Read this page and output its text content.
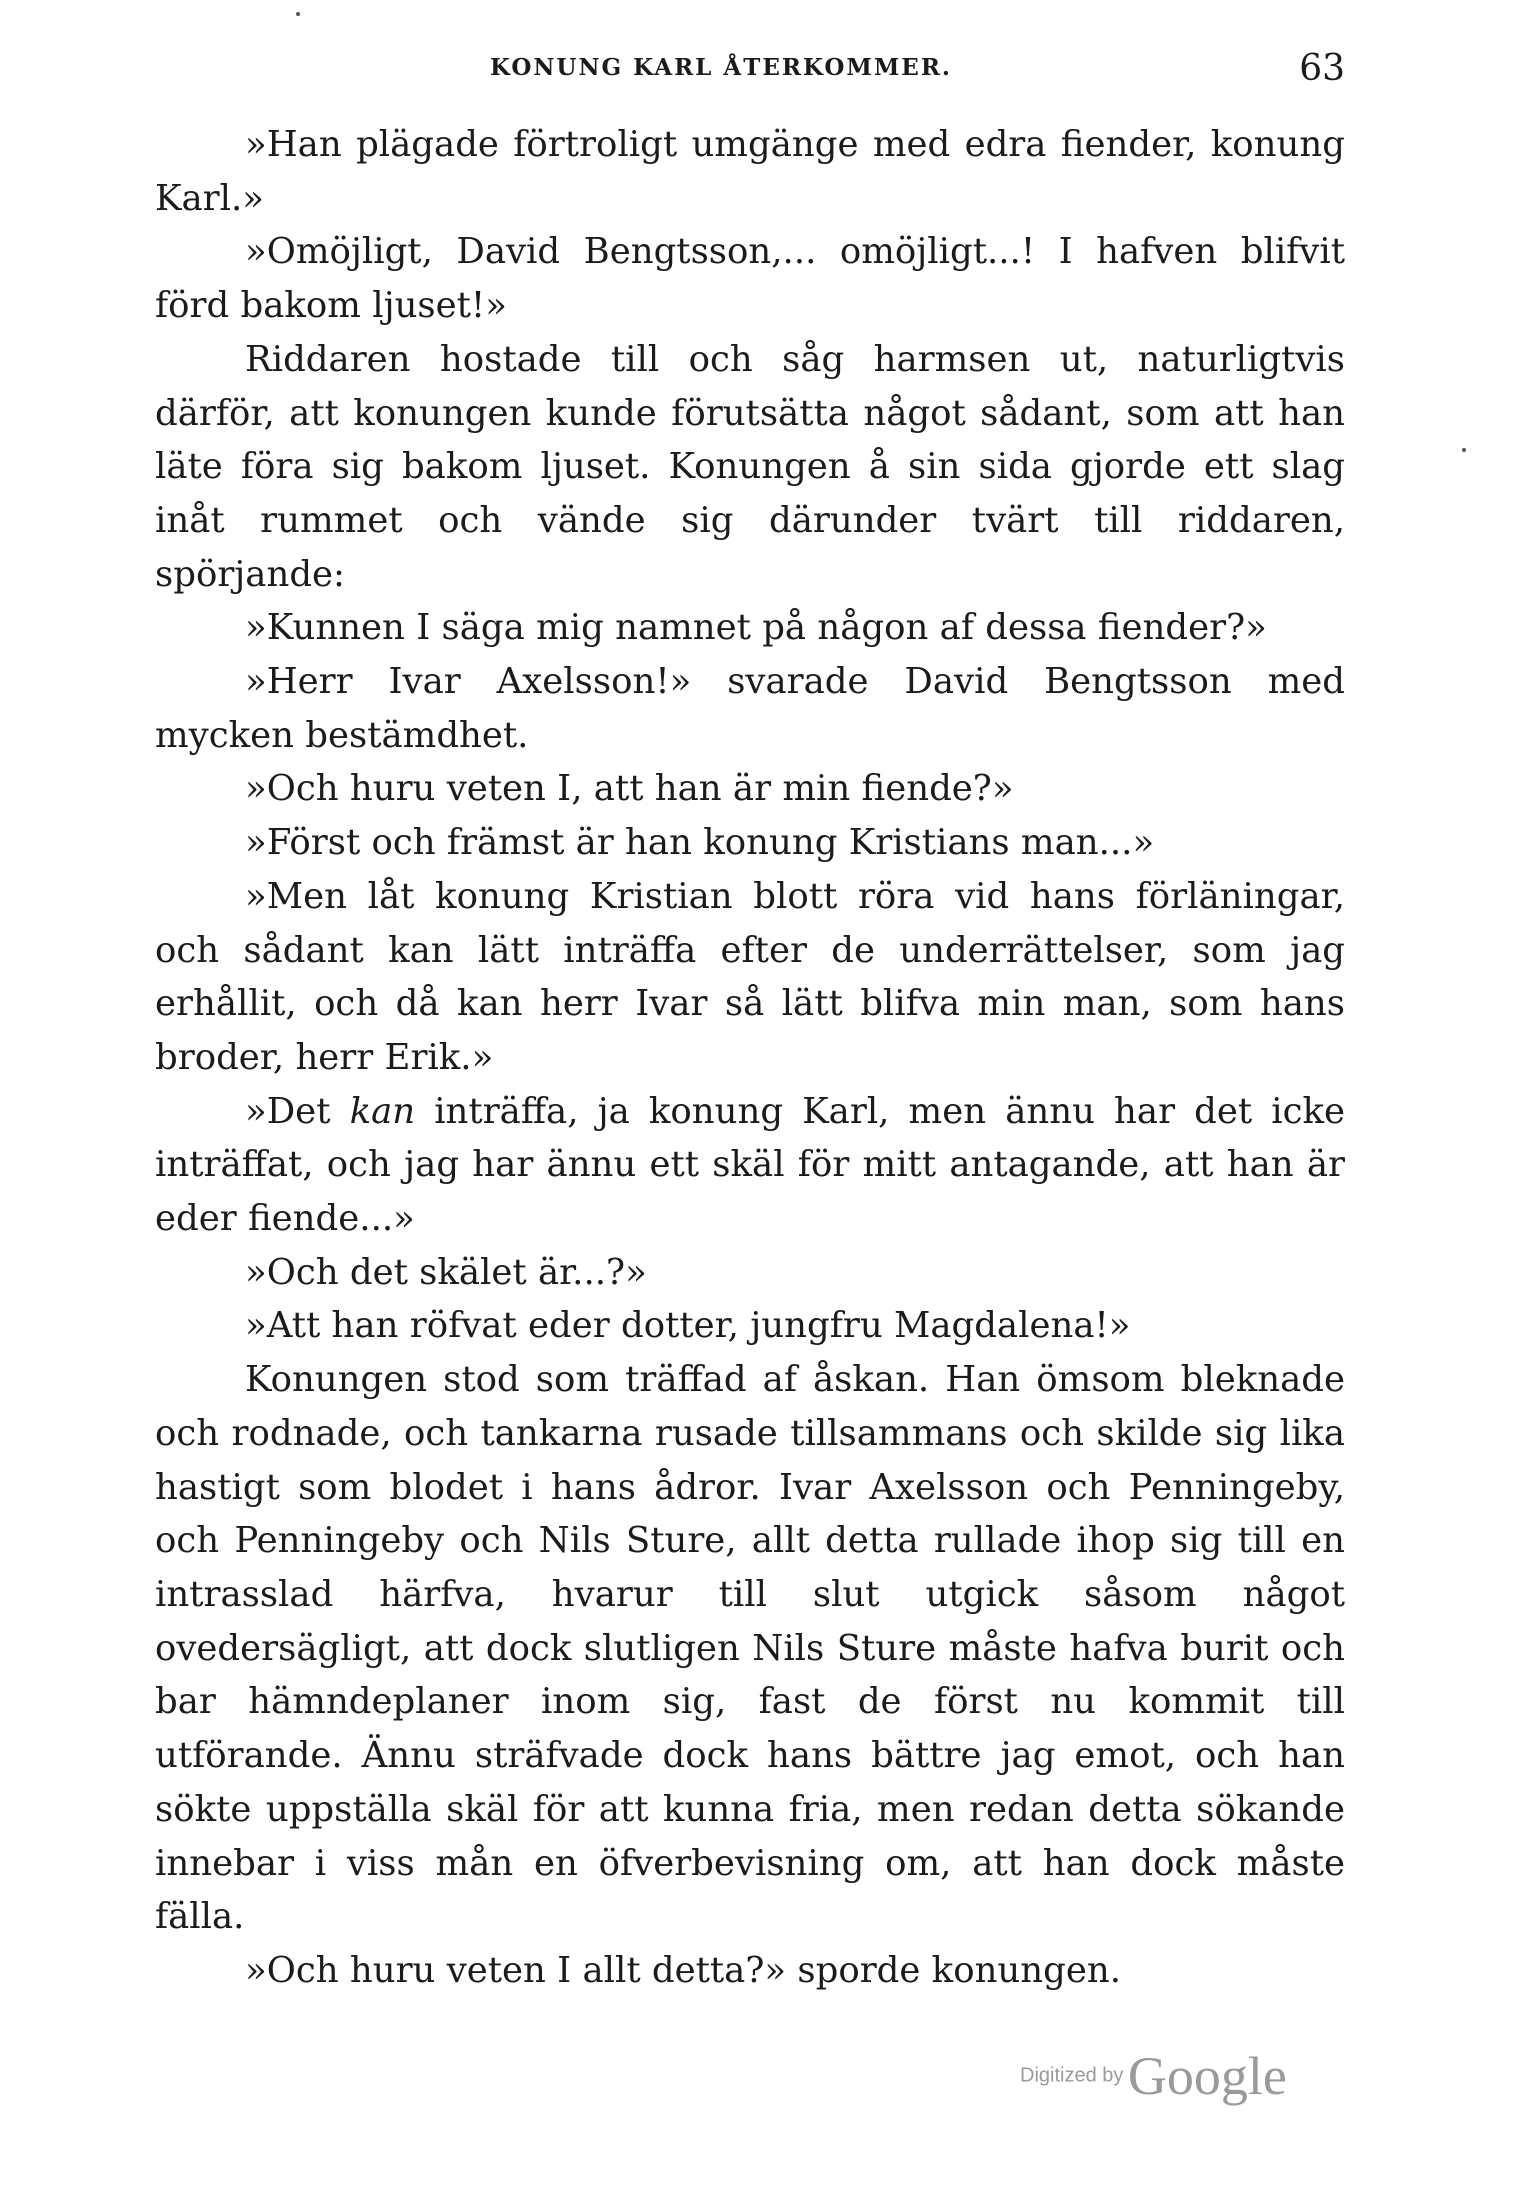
KONUNG KARL ÅTERKOMMER.	63

»Han plägade förtroligt umgänge med edra fiender, konung Karl.»

»Omöjligt, David Bengtsson,... omöjligt...! I hafven blifvit förd bakom ljuset!»

Riddaren hostade till och såg harmsen ut, naturligtvis därför, att konungen kunde förutsätta något sådant, som att han läte föra sig bakom ljuset. Konungen å sin sida gjorde ett slag inåt rummet och vände sig därunder tvärt till riddaren, spörjande:

»Kunnen I säga mig namnet på någon af dessa fiender?»

»Herr Ivar Axelsson!» svarade David Bengtsson med mycken bestämdhet.

»Och huru veten I, att han är min fiende?»

»Först och främst är han konung Kristians man...»

»Men låt konung Kristian blott röra vid hans förläningar, och sådant kan lätt inträffa efter de underrättelser, som jag erhållit, och då kan herr Ivar så lätt blifva min man, som hans broder, herr Erik.»

»Det kan inträffa, ja konung Karl, men ännu har det icke inträffat, och jag har ännu ett skäl för mitt antagande, att han är eder fiende...»

»Och det skälet är...?»

»Att han röfvat eder dotter, jungfru Magdalena!»

Konungen stod som träffad af åskan. Han ömsom bleknade och rodnade, och tankarna rusade tillsammans och skilde sig lika hastigt som blodet i hans ådror. Ivar Axelsson och Penningeby, och Penningeby och Nils Sture, allt detta rullade ihop sig till en intrasslad härfva, hvarur till slut utgick såsom något ovedersägligt, att dock slutligen Nils Sture måste hafva burit och bar hämndeplaner inom sig, fast de först nu kommit till utförande. Ännu sträfvade dock hans bättre jag emot, och han sökte uppställa skäl för att kunna fria, men redan detta sökande innebar i viss mån en öfverbevisning om, att han dock måste fälla.

»Och huru veten I allt detta?» sporde konungen.

Digitized by Google
